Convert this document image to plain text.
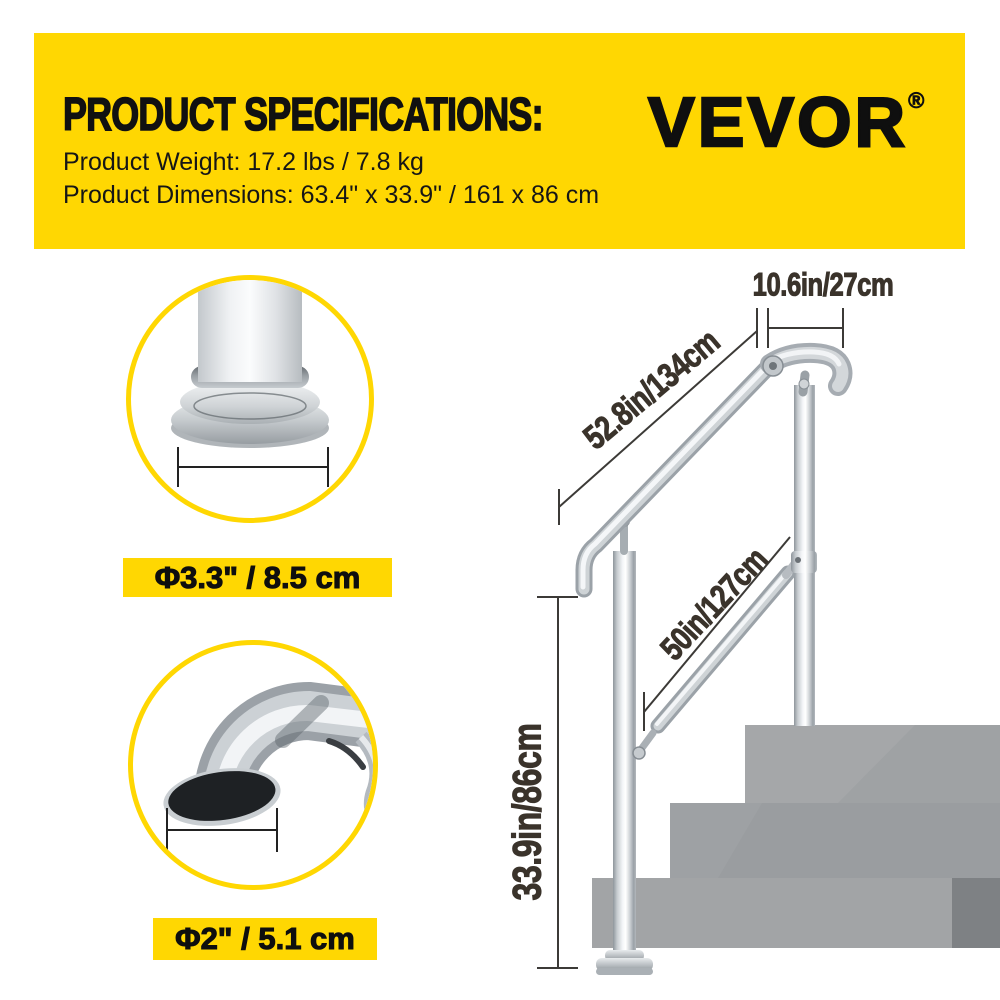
PRODUCT SPECIFICATIONS:
Product Weight: 17.2 lbs / 7.8 kg
Product Dimensions: 63.4" x 33.9" / 161 x 86 cm
VEVOR®
Φ3.3" / 8.5 cm
Φ2" / 5.1 cm
10.6in/27cm
52.8in/134cm
50in/127cm
33.9in/86cm
